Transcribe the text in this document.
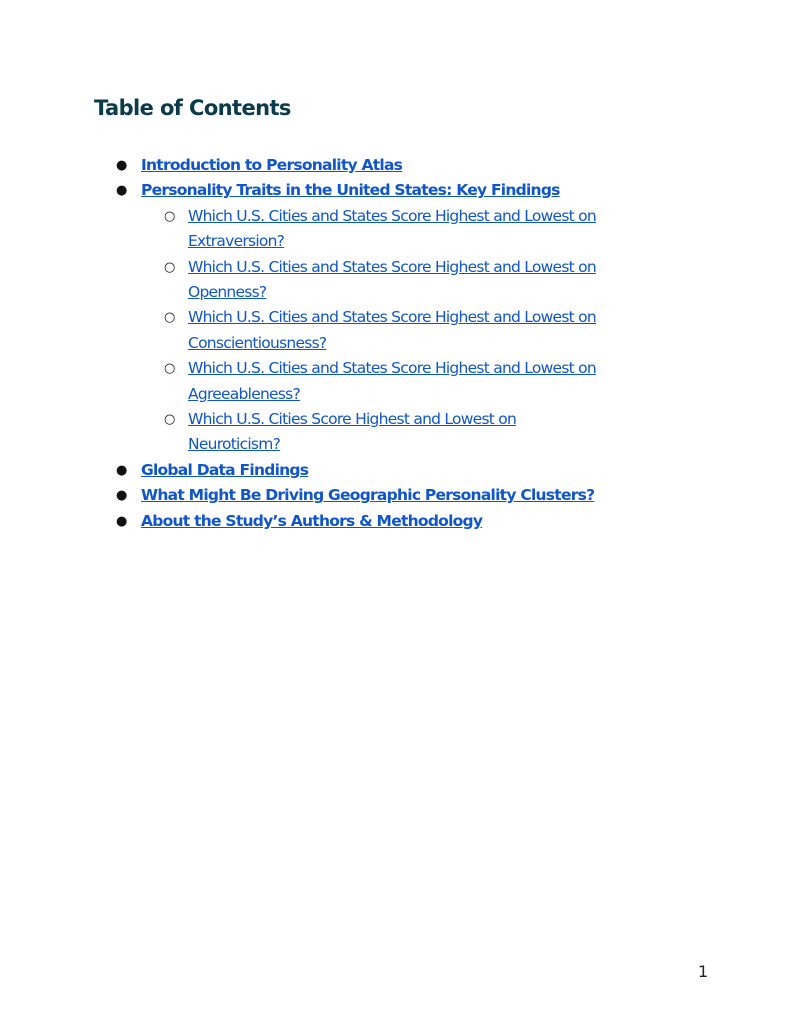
Table of Contents
● Introduction to Personality Atlas
● Personality Traits in the United States: Key Findings
○ Which U.S. Cities and States Score Highest and Lowest on Extraversion?
○ Which U.S. Cities and States Score Highest and Lowest on Openness?
○ Which U.S. Cities and States Score Highest and Lowest on Conscientiousness?
○ Which U.S. Cities and States Score Highest and Lowest on Agreeableness?
○ Which U.S. Cities Score Highest and Lowest on Neuroticism?
● Global Data Findings
● What Might Be Driving Geographic Personality Clusters?
● About the Study’s Authors & Methodology
1
